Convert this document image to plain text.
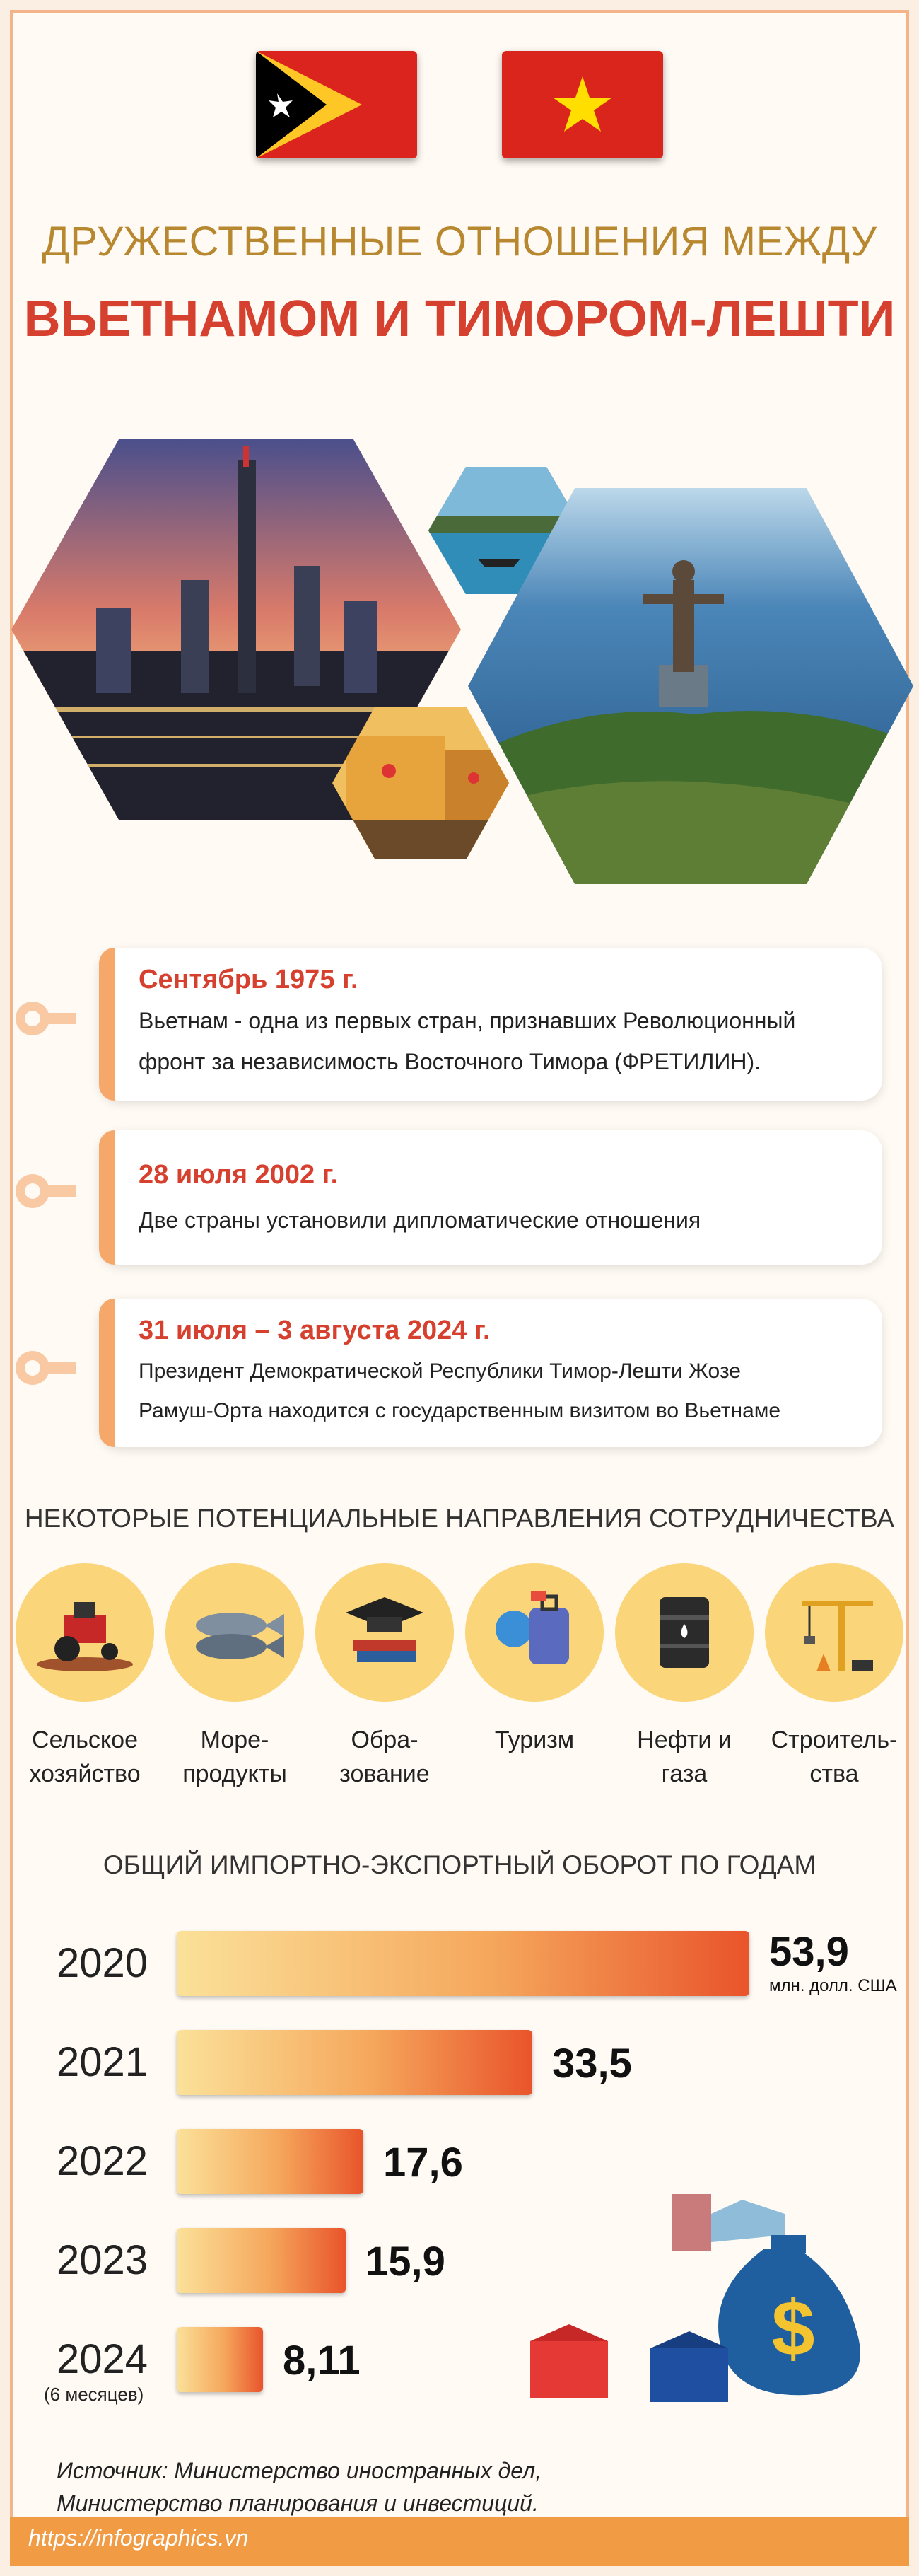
ДРУЖЕСТВЕННЫЕ ОТНОШЕНИЯ МЕЖДУ
ВЬЕТНАМОМ И ТИМОРОМ-ЛЕШТИ
Сентябрь 1975 г.
Вьетнам - одна из первых стран, признавших Революционный
фронт за независимость Восточного Тимора (ФРЕТИЛИН).
28 июля 2002 г.
Две страны установили дипломатические отношения
31 июля – 3 августа 2024 г.
Президент Демократической Республики Тимор-Лешти Жозе
Рамуш-Орта находится с государственным визитом во Вьетнаме
НЕКОТОРЫЕ ПОТЕНЦИАЛЬНЫЕ НАПРАВЛЕНИЯ СОТРУДНИЧЕСТВА
Сельское
хозяйство
Море-
продукты
Обра-
зование
Туризм	Нефти и
газа
Строитель-
ства
ОБЩИЙ ИМПОРТНО-ЭКСПОРТНЫЙ ОБОРОТ ПО ГОДАМ
2020	53,9
млн. долл. США
2021	33,5
2022	17,6
2023	15,9
2024	8,11
(6 месяцев)
$
Источник: Министерство иностранных дел,
Министерство планирования и инвестиций.
https://infographics.vn
